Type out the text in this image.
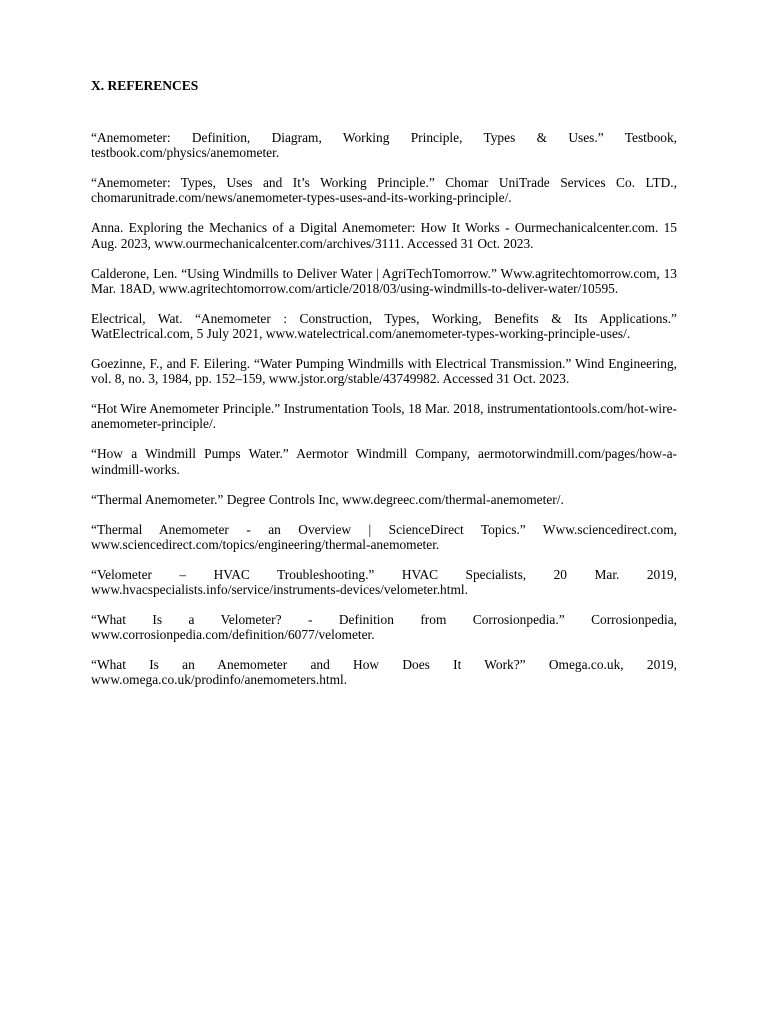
X. REFERENCES
“Anemometer: Definition, Diagram, Working Principle, Types & Uses.” Testbook, testbook.com/physics/anemometer.
“Anemometer: Types, Uses and It’s Working Principle.” Chomar UniTrade Services Co. LTD., chomarunitrade.com/news/anemometer-types-uses-and-its-working-principle/.
Anna. Exploring the Mechanics of a Digital Anemometer: How It Works - Ourmechanicalcenter.com. 15 Aug. 2023, www.ourmechanicalcenter.com/archives/3111. Accessed 31 Oct. 2023.
Calderone, Len. “Using Windmills to Deliver Water | AgriTechTomorrow.” Www.agritechtomorrow.com, 13 Mar. 18AD, www.agritechtomorrow.com/article/2018/03/using-windmills-to-deliver-water/10595.
Electrical, Wat. “Anemometer : Construction, Types, Working, Benefits & Its Applications.” WatElectrical.com, 5 July 2021, www.watelectrical.com/anemometer-types-working-principle-uses/.
Goezinne, F., and F. Eilering. “Water Pumping Windmills with Electrical Transmission.” Wind Engineering, vol. 8, no. 3, 1984, pp. 152–159, www.jstor.org/stable/43749982. Accessed 31 Oct. 2023.
“Hot Wire Anemometer Principle.” Instrumentation Tools, 18 Mar. 2018, instrumentationtools.com/hot-wire-anemometer-principle/.
“How a Windmill Pumps Water.” Aermotor Windmill Company, aermotorwindmill.com/pages/how-a-windmill-works.
“Thermal Anemometer.” Degree Controls Inc, www.degreec.com/thermal-anemometer/.
“Thermal Anemometer - an Overview | ScienceDirect Topics.” Www.sciencedirect.com, www.sciencedirect.com/topics/engineering/thermal-anemometer.
“Velometer – HVAC Troubleshooting.” HVAC Specialists, 20 Mar. 2019, www.hvacspecialists.info/service/instruments-devices/velometer.html.
“What Is a Velometer? - Definition from Corrosionpedia.” Corrosionpedia, www.corrosionpedia.com/definition/6077/velometer.
“What Is an Anemometer and How Does It Work?” Omega.co.uk, 2019, www.omega.co.uk/prodinfo/anemometers.html.
